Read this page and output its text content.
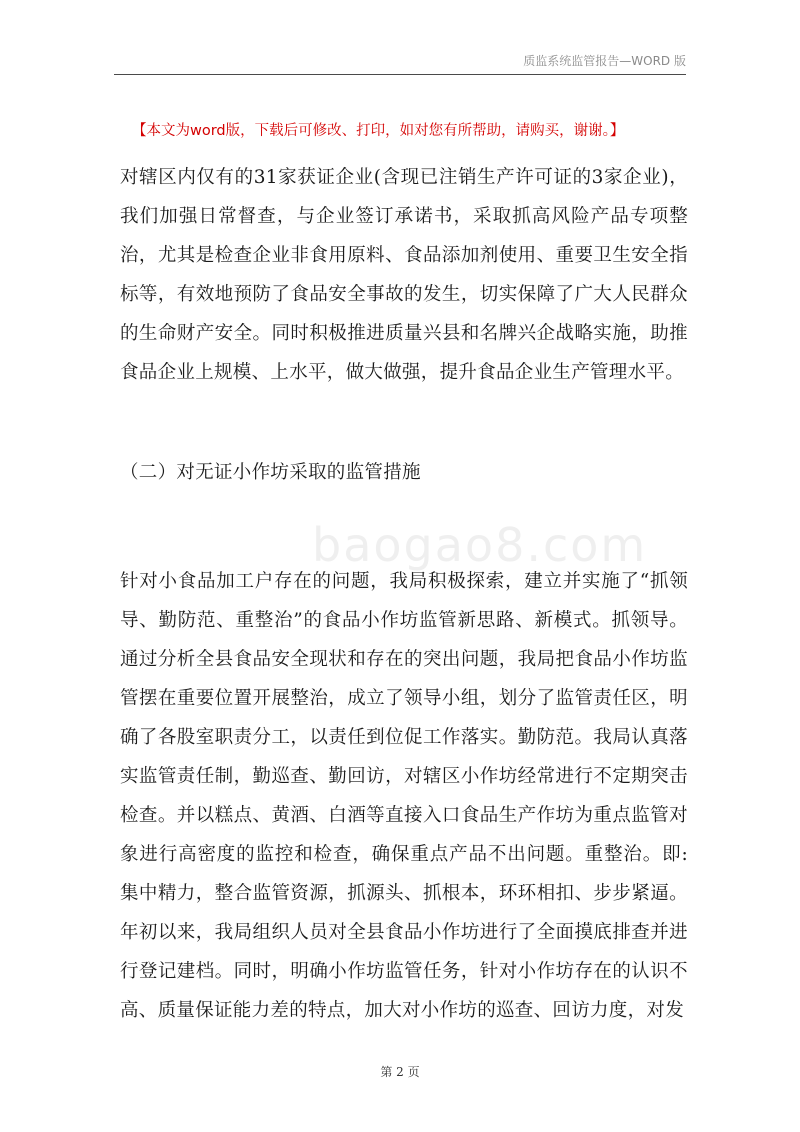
质监系统监管报告—WORD 版
【本文为word版，下载后可修改、打印，如对您有所帮助，请购买，谢谢。】
baogao8.com

对辖区内仅有的31家获证企业(含现已注销生产许可证的3家企业)，我们加强日常督查，与企业签订承诺书，采取抓高风险产品专项整治，尤其是检查企业非食用原料、食品添加剂使用、重要卫生安全指标等，有效地预防了食品安全事故的发生，切实保障了广大人民群众的生命财产安全。同时积极推进质量兴县和名牌兴企战略实施，助推食品企业上规模、上水平，做大做强，提升食品企业生产管理水平。

（二）对无证小作坊采取的监管措施

针对小食品加工户存在的问题，我局积极探索，建立并实施了“抓领导、勤防范、重整治”的食品小作坊监管新思路、新模式。抓领导。通过分析全县食品安全现状和存在的突出问题，我局把食品小作坊监管摆在重要位置开展整治，成立了领导小组，划分了监管责任区，明确了各股室职责分工，以责任到位促工作落实。勤防范。我局认真落实监管责任制，勤巡查、勤回访，对辖区小作坊经常进行不定期突击检查。并以糕点、黄酒、白酒等直接入口食品生产作坊为重点监管对象进行高密度的监控和检查，确保重点产品不出问题。重整治。即:集中精力，整合监管资源，抓源头、抓根本，环环相扣、步步紧逼。年初以来，我局组织人员对全县食品小作坊进行了全面摸底排查并进行登记建档。同时，明确小作坊监管任务，针对小作坊存在的认识不高、质量保证能力差的特点，加大对小作坊的巡查、回访力度，对发

第 2 页
